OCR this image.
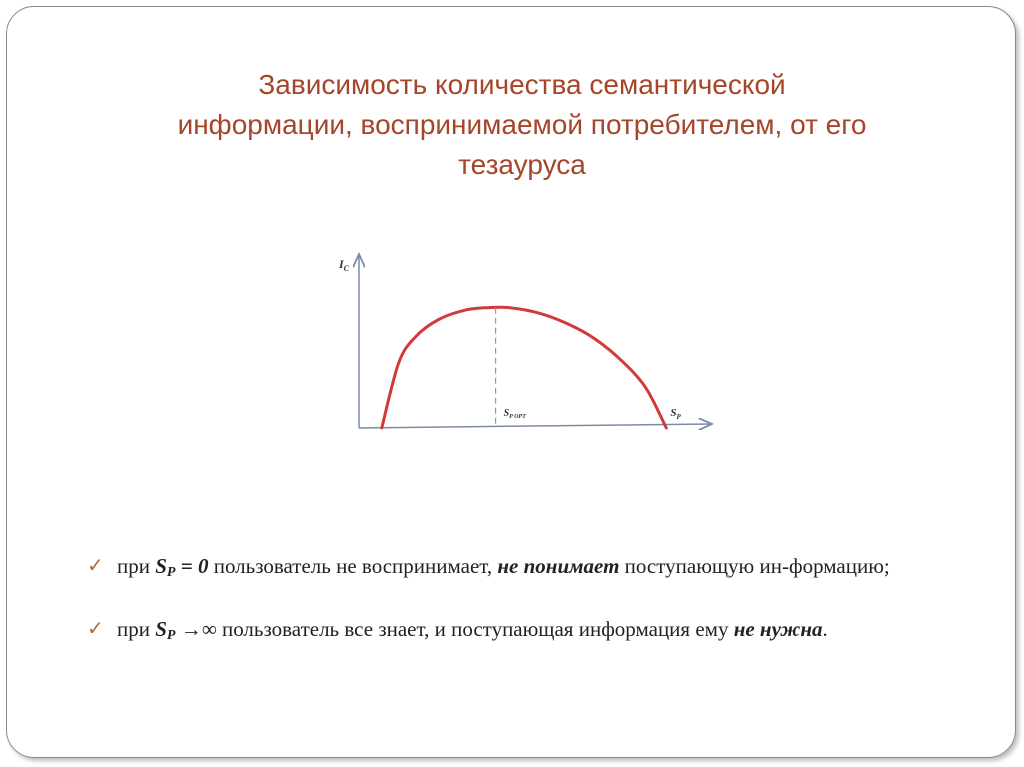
Зависимость количества семантической
информации, воспринимаемой потребителем, от его
тезауруса
$I_C$
$S_{P OPT}$	$S_P$
✓ при $S_P = 0$ пользователь не воспринимает, не понимает поступающую ин-формацию;
✓ при $S_P$ →∞ пользователь все знает, и поступающая информация ему не нужна.
